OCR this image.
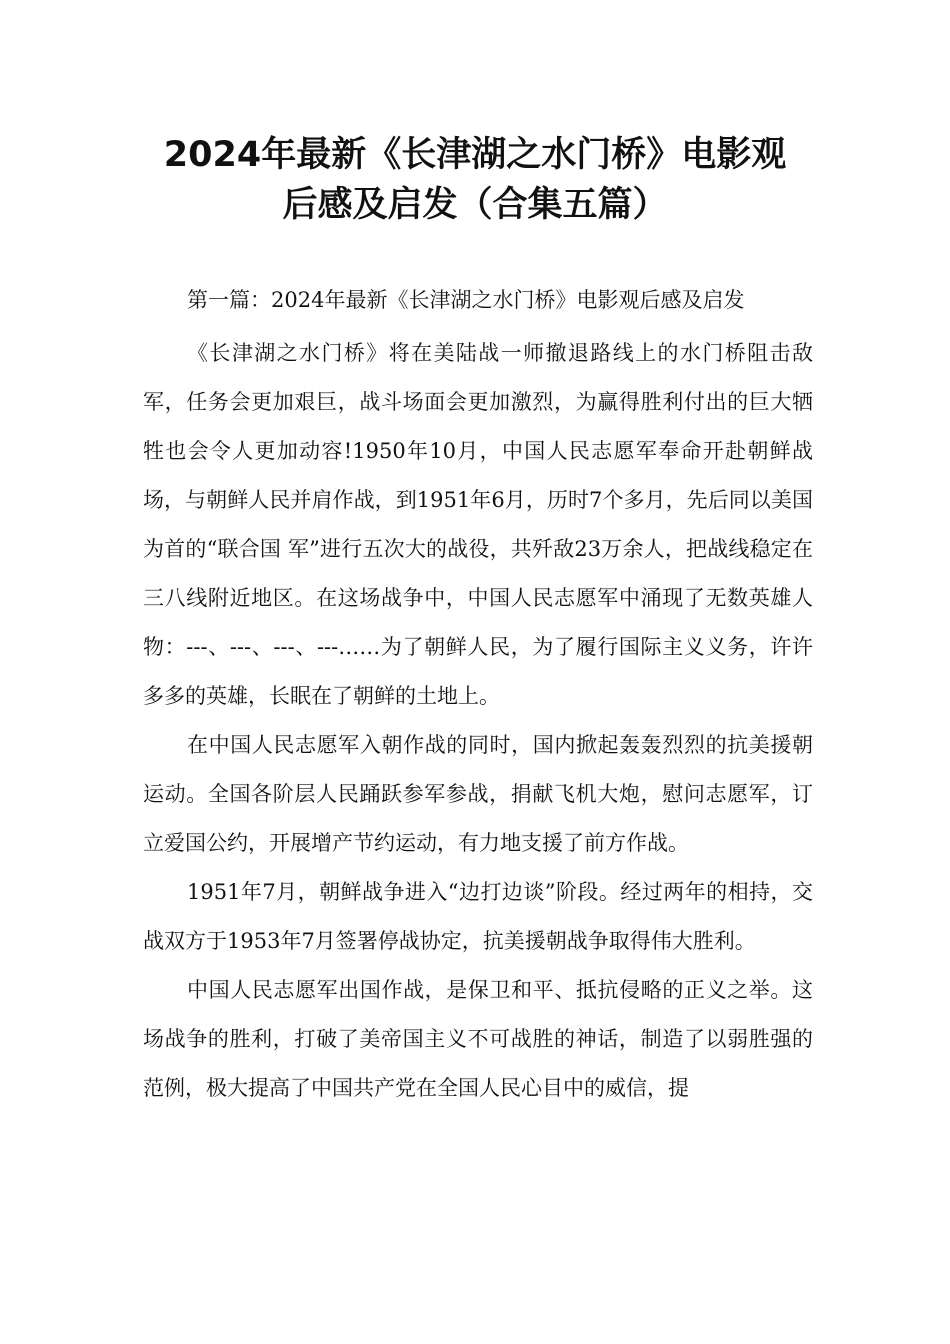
2024年最新《长津湖之水门桥》电影观
后感及启发（合集五篇）

第一篇：2024年最新《长津湖之水门桥》电影观后感及启发

《长津湖之水门桥》将在美陆战一师撤退路线上的水门桥阻击敌军，任务会更加艰巨，战斗场面会更加激烈，为赢得胜利付出的巨大牺牲也会令人更加动容!1950年10月，中国人民志愿军奉命开赴朝鲜战场，与朝鲜人民并肩作战，到1951年6月，历时7个多月，先后同以美国为首的“联合国 军”进行五次大的战役，共歼敌23万余人，把战线稳定在三八线附近地区。在这场战争中，中国人民志愿军中涌现了无数英雄人物：---、---、---、---……为了朝鲜人民，为了履行国际主义义务，许许多多的英雄，长眠在了朝鲜的土地上。

在中国人民志愿军入朝作战的同时，国内掀起轰轰烈烈的抗美援朝运动。全国各阶层人民踊跃参军参战，捐献飞机大炮，慰问志愿军，订立爱国公约，开展增产节约运动，有力地支援了前方作战。

1951年7月，朝鲜战争进入“边打边谈”阶段。经过两年的相持，交战双方于1953年7月签署停战协定，抗美援朝战争取得伟大胜利。

中国人民志愿军出国作战，是保卫和平、抵抗侵略的正义之举。这场战争的胜利，打破了美帝国主义不可战胜的神话，制造了以弱胜强的范例，极大提高了中国共产党在全国人民心目中的威信，提
